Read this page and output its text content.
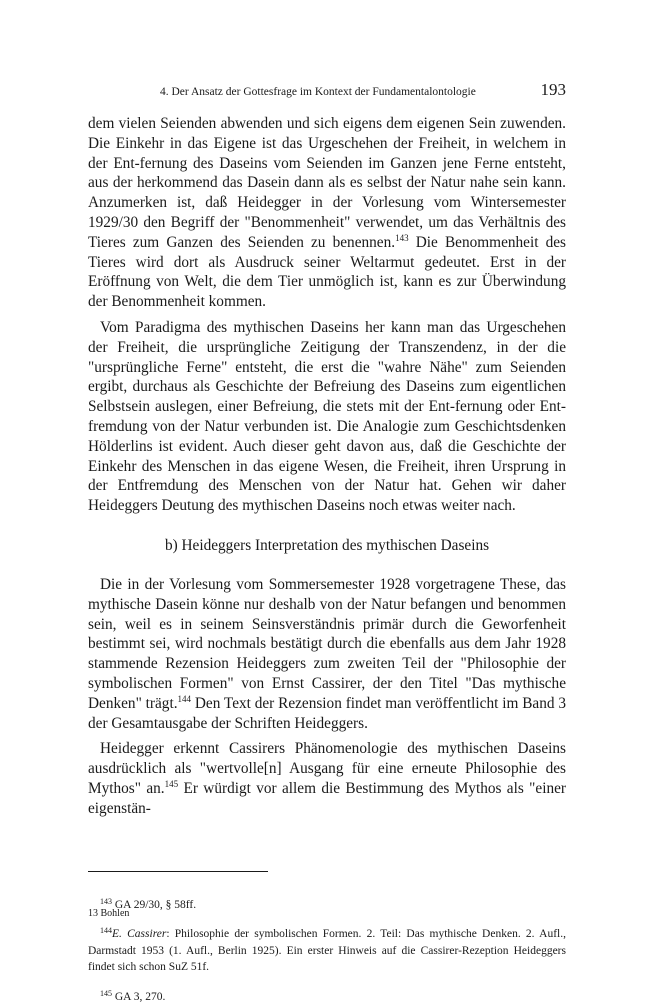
4. Der Ansatz der Gottesfrage im Kontext der Fundamentalontologie	193

dem vielen Seienden abwenden und sich eigens dem eigenen Sein zuwenden. Die Einkehr in das Eigene ist das Urgeschehen der Freiheit, in welchem in der Ent-fernung des Daseins vom Seienden im Ganzen jene Ferne entsteht, aus der herkommend das Dasein dann als es selbst der Natur nahe sein kann. Anzumerken ist, daß Heidegger in der Vorlesung vom Wintersemester 1929/30 den Begriff der "Benommenheit" verwendet, um das Verhältnis des Tieres zum Ganzen des Seienden zu benennen.$^{143}$ Die Benommenheit des Tieres wird dort als Ausdruck seiner Weltarmut gedeutet. Erst in der Eröffnung von Welt, die dem Tier unmöglich ist, kann es zur Überwindung der Benommenheit kommen.

Vom Paradigma des mythischen Daseins her kann man das Urgeschehen der Freiheit, die ursprüngliche Zeitigung der Transzendenz, in der die "ursprüngliche Ferne" entsteht, die erst die "wahre Nähe" zum Seienden ergibt, durchaus als Geschichte der Befreiung des Daseins zum eigentlichen Selbstsein auslegen, einer Befreiung, die stets mit der Ent-fernung oder Ent-fremdung von der Natur verbunden ist. Die Analogie zum Geschichtsdenken Hölderlins ist evident. Auch dieser geht davon aus, daß die Geschichte der Einkehr des Menschen in das eigene Wesen, die Freiheit, ihren Ursprung in der Entfremdung des Menschen von der Natur hat. Gehen wir daher Heideggers Deutung des mythischen Daseins noch etwas weiter nach.

b) Heideggers Interpretation des mythischen Daseins

Die in der Vorlesung vom Sommersemester 1928 vorgetragene These, das mythische Dasein könne nur deshalb von der Natur befangen und benommen sein, weil es in seinem Seinsverständnis primär durch die Geworfenheit bestimmt sei, wird nochmals bestätigt durch die ebenfalls aus dem Jahr 1928 stammende Rezension Heideggers zum zweiten Teil der "Philosophie der symbolischen Formen" von Ernst Cassirer, der den Titel "Das mythische Denken" trägt.$^{144}$ Den Text der Rezension findet man veröffentlicht im Band 3 der Gesamtausgabe der Schriften Heideggers.

Heidegger erkennt Cassirers Phänomenologie des mythischen Daseins ausdrücklich als "wertvolle[n] Ausgang für eine erneute Philosophie des Mythos" an.$^{145}$ Er würdigt vor allem die Bestimmung des Mythos als "einer eigenstän-

$^{143}$ GA 29/30, § 58ff.

$^{144}$E. Cassirer: Philosophie der symbolischen Formen. 2. Teil: Das mythische Denken. 2. Aufl., Darmstadt 1953 (1. Aufl., Berlin 1925). Ein erster Hinweis auf die Cassirer-Rezeption Heideggers findet sich schon SuZ 51f.

$^{145}$ GA 3, 270.

13 Bohlen
